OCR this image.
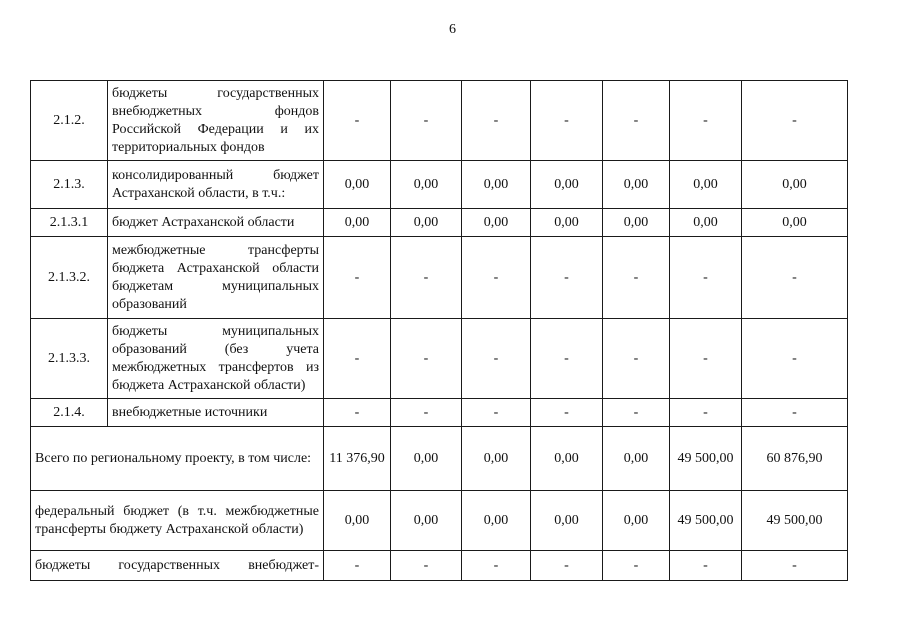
6
2.1.2.	бюджеты государственных внебюджетных фондов Российской Федерации и их территориальных фондов	-	-	-	-	-	-	-
2.1.3.	консолидированный бюджет Астраханской области, в т.ч.:	0,00	0,00	0,00	0,00	0,00	0,00	0,00
2.1.3.1	бюджет Астраханской области	0,00	0,00	0,00	0,00	0,00	0,00	0,00
2.1.3.2.	межбюджетные трансферты бюджета Астраханской области бюджетам муниципальных образований	-	-	-	-	-	-	-
2.1.3.3.	бюджеты муниципальных образований (без учета межбюджетных трансфертов из бюджета Астраханской области)	-	-	-	-	-	-	-
2.1.4.	внебюджетные источники	-	-	-	-	-	-	-
Всего по региональному проекту, в том числе:		11 376,90	0,00	0,00	0,00	0,00	49 500,00	60 876,90
федеральный бюджет (в т.ч. межбюджетные трансферты бюджету Астраханской области)		0,00	0,00	0,00	0,00	0,00	49 500,00	49 500,00
бюджеты государственных внебюджет-		-	-	-	-	-	-	-
